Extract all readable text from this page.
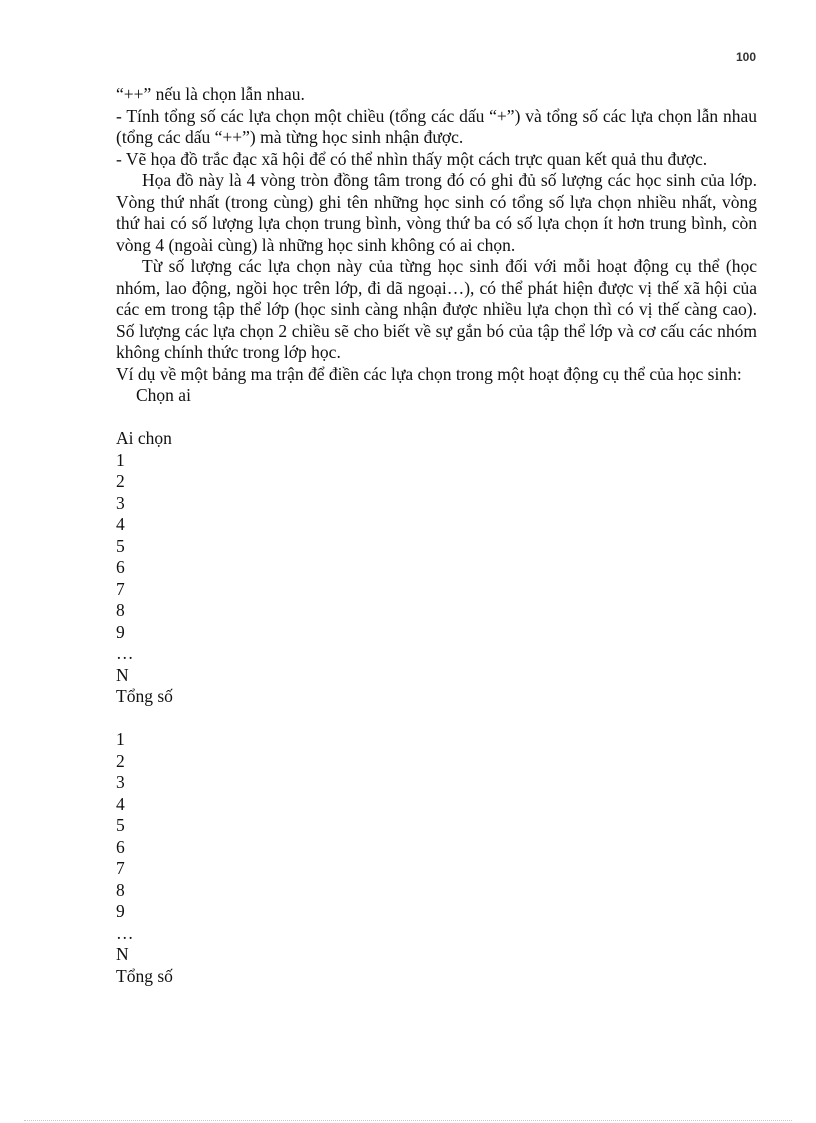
100

“++” nếu là chọn lẫn nhau.

- Tính tổng số các lựa chọn một chiều (tổng các dấu “+”) và tổng số các lựa chọn lẫn nhau (tổng các dấu “++”) mà từng học sinh nhận được.

- Vẽ họa đồ trắc đạc xã hội để có thể nhìn thấy một cách trực quan kết quả thu được.

Họa đồ này là 4 vòng tròn đồng tâm trong đó có ghi đủ số lượng các học sinh của lớp. Vòng thứ nhất (trong cùng) ghi tên những học sinh có tổng số lựa chọn nhiều nhất, vòng thứ hai có số lượng lựa chọn trung bình, vòng thứ ba có số lựa chọn ít hơn trung bình, còn vòng 4 (ngoài cùng) là những học sinh không có ai chọn.

Từ số lượng các lựa chọn này của từng học sinh đối với mỗi hoạt động cụ thể (học nhóm, lao động, ngồi học trên lớp, đi dã ngoại…), có thể phát hiện được vị thế xã hội của các em trong tập thể lớp (học sinh càng nhận được nhiều lựa chọn thì có vị thế càng cao). Số lượng các lựa chọn 2 chiều sẽ cho biết về sự gắn bó của tập thể lớp và cơ cấu các nhóm không chính thức trong lớp học.

Ví dụ về một bảng ma trận để điền các lựa chọn trong một hoạt động cụ thể của học sinh:

Chọn ai

Ai chọn

1

2

3

4

5

6

7

8

9

…

N

Tổng số

1

2

3

4

5

6

7

8

9

…

N

Tổng số
